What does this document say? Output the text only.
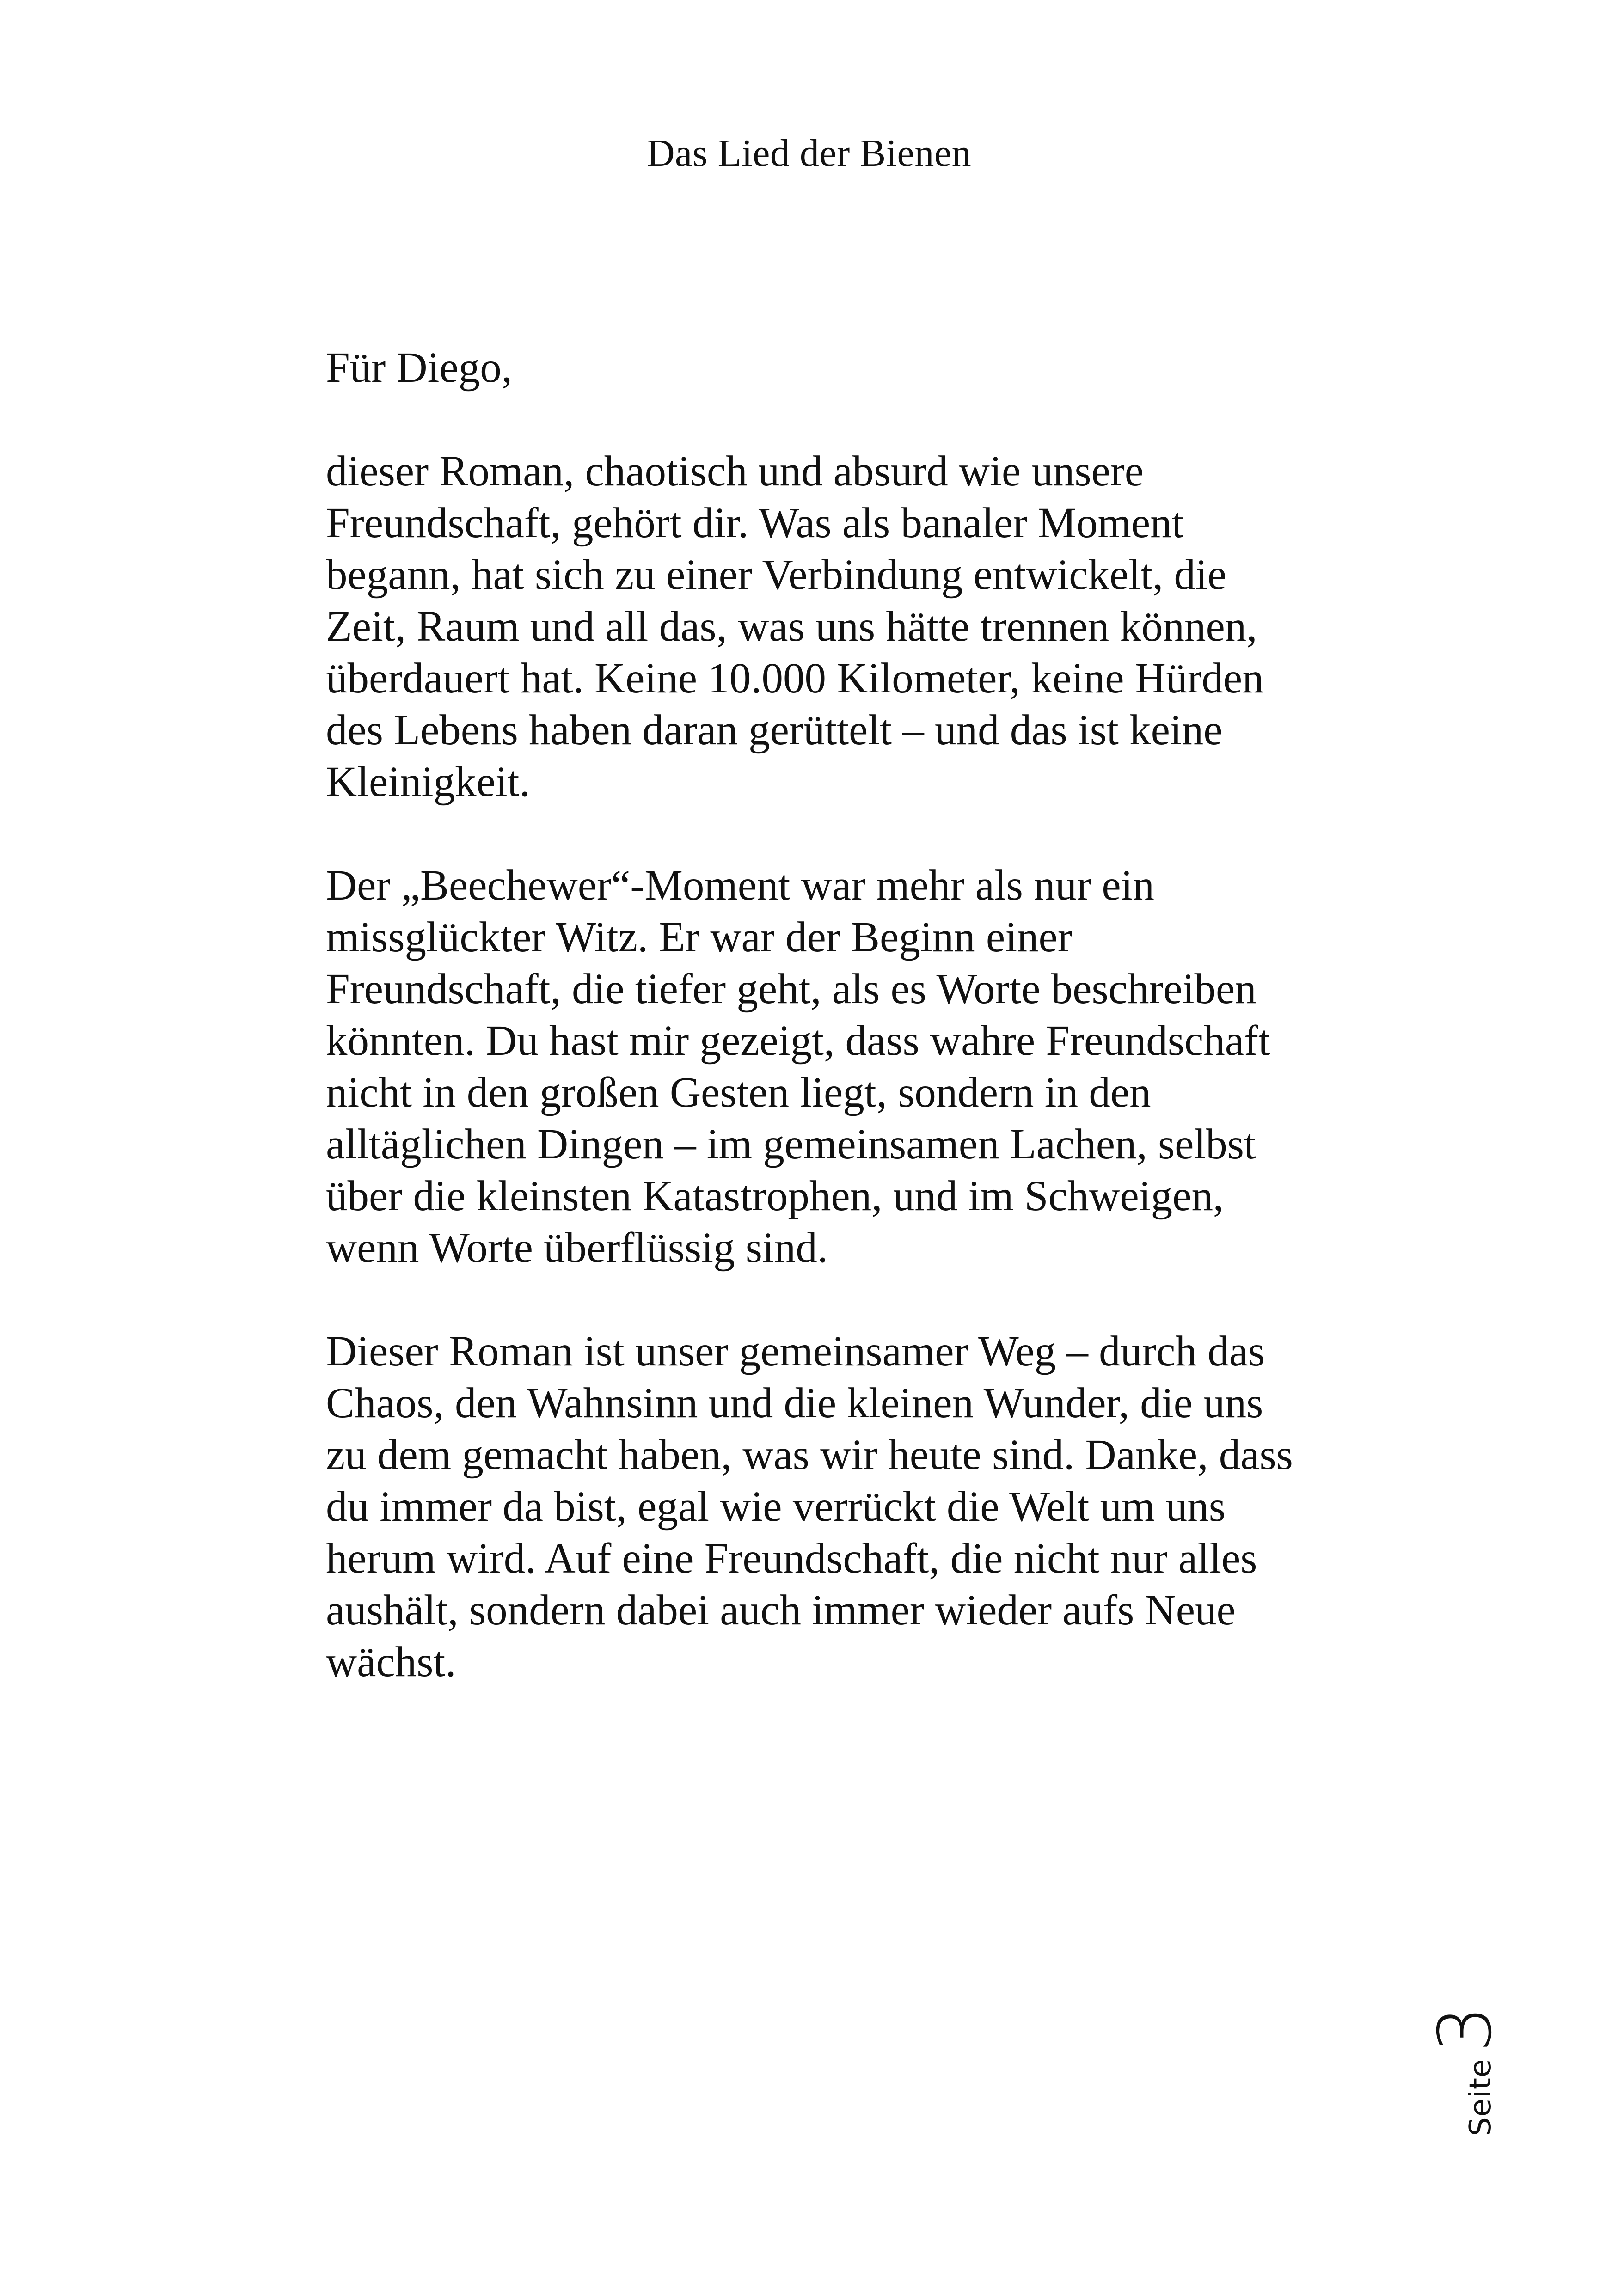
Das Lied der Bienen

Für Diego,

dieser Roman, chaotisch und absurd wie unsere
Freundschaft, gehört dir. Was als banaler Moment
begann, hat sich zu einer Verbindung entwickelt, die
Zeit, Raum und all das, was uns hätte trennen können,
überdauert hat. Keine 10.000 Kilometer, keine Hürden
des Lebens haben daran gerüttelt – und das ist keine
Kleinigkeit.

Der „Beechewer“-Moment war mehr als nur ein
missglückter Witz. Er war der Beginn einer
Freundschaft, die tiefer geht, als es Worte beschreiben
könnten. Du hast mir gezeigt, dass wahre Freundschaft
nicht in den großen Gesten liegt, sondern in den
alltäglichen Dingen – im gemeinsamen Lachen, selbst
über die kleinsten Katastrophen, und im Schweigen,
wenn Worte überflüssig sind.

Dieser Roman ist unser gemeinsamer Weg – durch das
Chaos, den Wahnsinn und die kleinen Wunder, die uns
zu dem gemacht haben, was wir heute sind. Danke, dass
du immer da bist, egal wie verrückt die Welt um uns
herum wird. Auf eine Freundschaft, die nicht nur alles
aushält, sondern dabei auch immer wieder aufs Neue
wächst.

Seite
3
